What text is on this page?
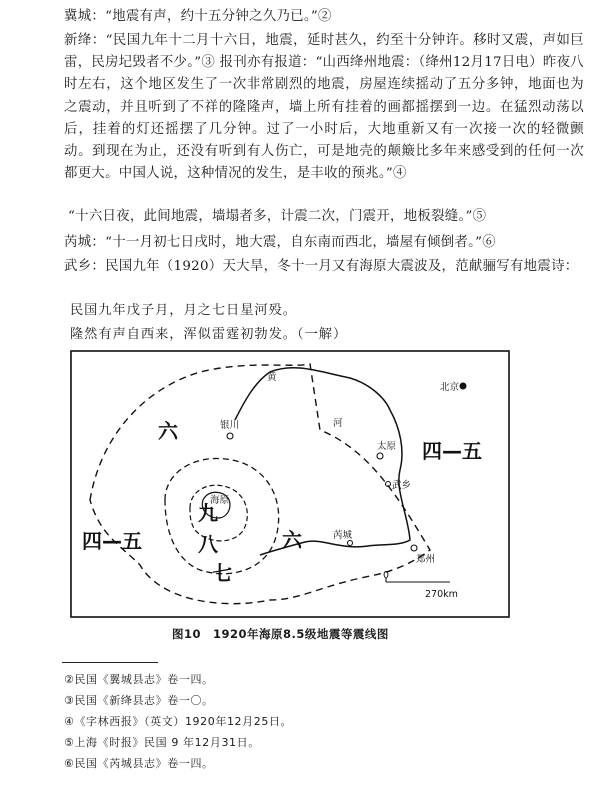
冀城：“地震有声，约十五分钟之久乃已。”②
新绛：“民国九年十二月十六日，地震，延时甚久，约至十分钟许。移时又震，声如巨雷，民房圮毁者不少。”③ 报刊亦有报道：“山西绛州地震：（绛州12月17日电）昨夜八时左右，这个地区发生了一次非常剧烈的地震，房屋连续摇动了五分多钟，地面也为之震动，并且听到了不祥的隆隆声，墙上所有挂着的画都摇摆到一边。在猛烈动荡以后，挂着的灯还摇摆了几分钟。过了一小时后，大地重新又有一次接一次的轻微颤动。到现在为止，还没有听到有人伤亡，可是地壳的颠簸比多年来感受到的任何一次都更大。中国人说，这种情况的发生，是丰收的预兆。”④
“十六日夜，此间地震，墙塌者多，计震二次，门震开，地板裂缝。”⑤
芮城：“十一月初七日戌时，地大震，自东南而西北，墙屋有倾倒者。”⑥
武乡：民国九年（1920）天大旱，冬十一月又有海原大震波及，范献骊写有地震诗：
民国九年戊子月，月之七日星河殁。
隆然有声自西来，浑似雷霆初勃发。（一解）
六
四—五
九
八
七
六
四—五
银川
海原
太原
武乡
芮城
郑州
北京
黄
河
0
270km
图10　1920年海原8.5级地震等震线图
②民国《翼城县志》卷一四。
③民国《新绛县志》卷一〇。
④《字林西报》（英文）1920年12月25日。
⑤上海《时报》民国 9 年12月31日。
⑥民国《芮城县志》卷一四。
